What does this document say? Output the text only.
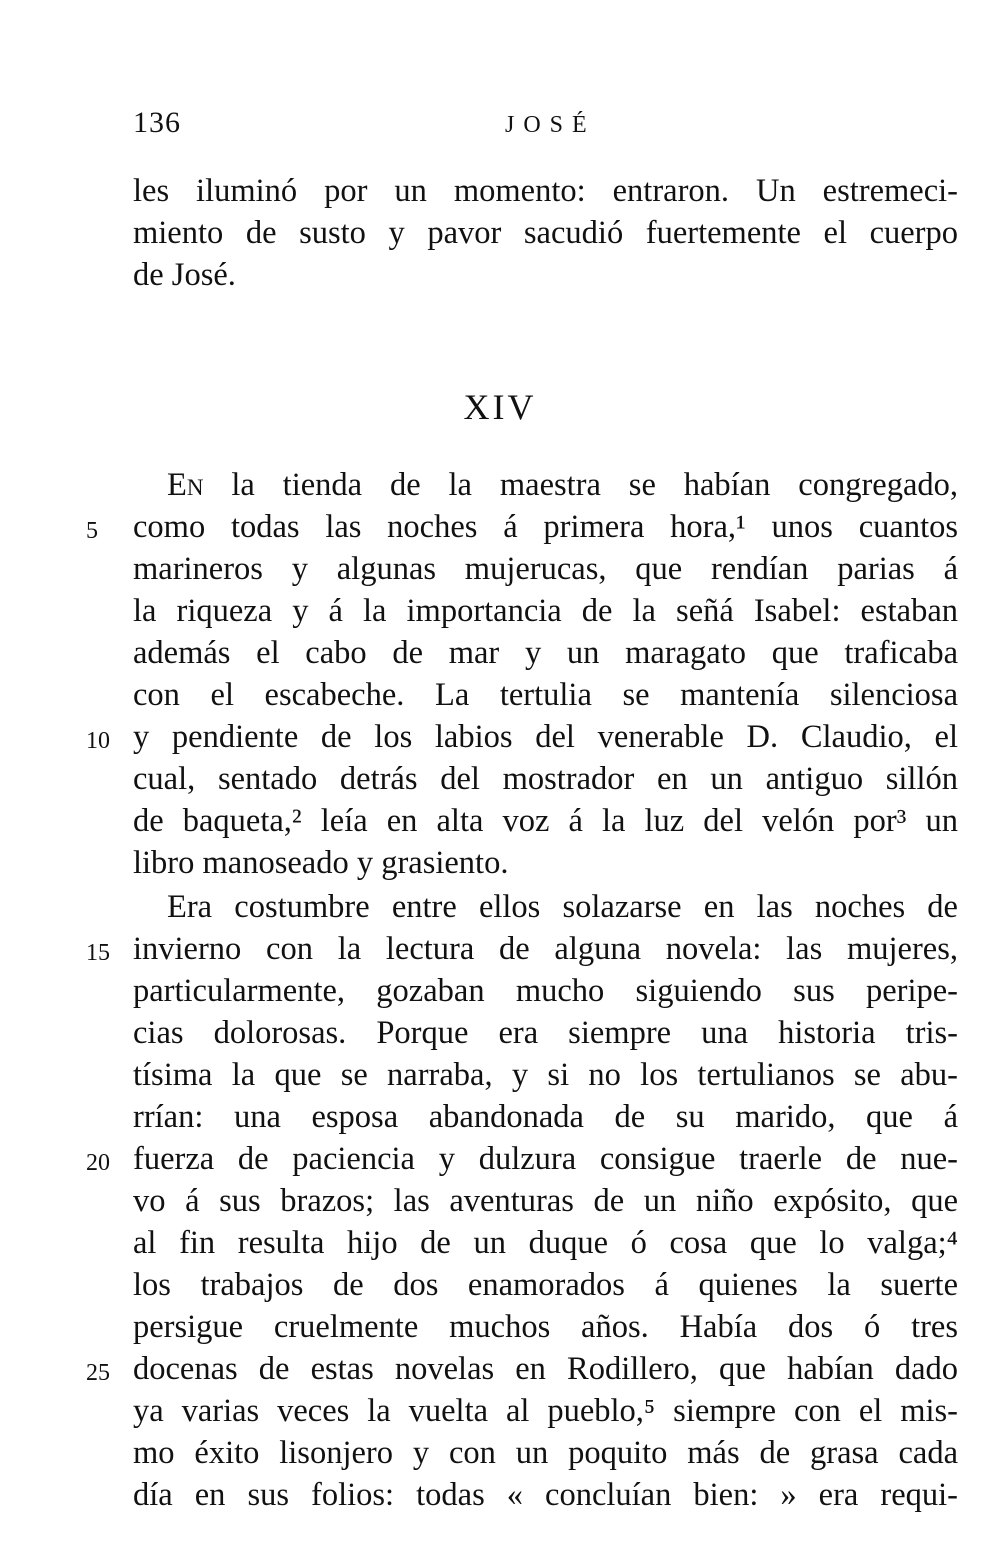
136	JOSÉ
les iluminó por un momento: entraron. Un estremeci-
miento de susto y pavor sacudió fuertemente el cuerpo
de José.
XIV
En la tienda de la maestra se habían congregado,
como todas las noches á primera hora,¹ unos cuantos
marineros y algunas mujerucas, que rendían parias á
la riqueza y á la importancia de la señá Isabel: estaban
además el cabo de mar y un maragato que traficaba
con el escabeche. La tertulia se mantenía silenciosa
y pendiente de los labios del venerable D. Claudio, el
cual, sentado detrás del mostrador en un antiguo sillón
de baqueta,² leía en alta voz á la luz del velón por³ un
libro manoseado y grasiento.
Era costumbre entre ellos solazarse en las noches de
invierno con la lectura de alguna novela: las mujeres,
particularmente, gozaban mucho siguiendo sus peripe-
cias dolorosas. Porque era siempre una historia tris-
tísima la que se narraba, y si no los tertulianos se abu-
rrían: una esposa abandonada de su marido, que á
fuerza de paciencia y dulzura consigue traerle de nue-
vo á sus brazos; las aventuras de un niño expósito, que
al fin resulta hijo de un duque ó cosa que lo valga;⁴
los trabajos de dos enamorados á quienes la suerte
persigue cruelmente muchos años. Había dos ó tres
docenas de estas novelas en Rodillero, que habían dado
ya varias veces la vuelta al pueblo,⁵ siempre con el mis-
mo éxito lisonjero y con un poquito más de grasa cada
día en sus folios: todas « concluían bien: » era requi-
5
10
15
20
25
